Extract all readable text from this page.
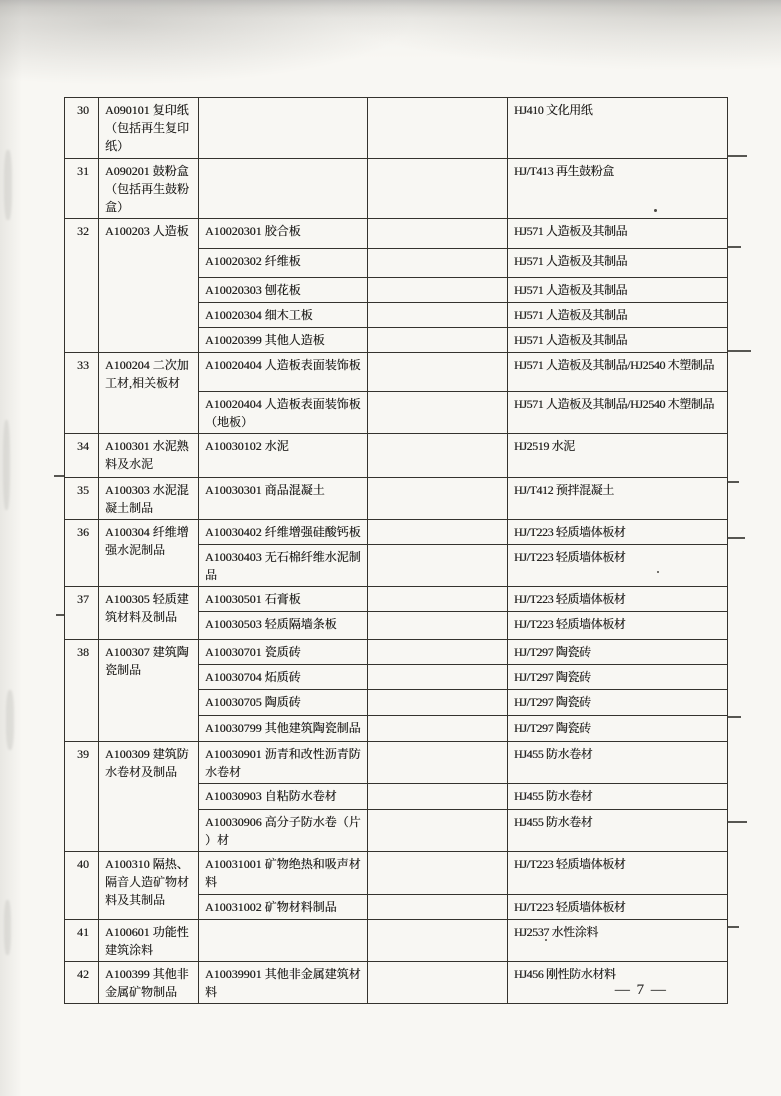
30	A090101 复印纸（包括再生复印纸）			HJ410 文化用纸
31	A090201 鼓粉盒（包括再生鼓粉盒）			HJ/T413 再生鼓粉盒
32	A100203 人造板	A10020301 胶合板		HJ571 人造板及其制品
		A10020302 纤维板		HJ571 人造板及其制品
		A10020303 刨花板		HJ571 人造板及其制品
		A10020304 细木工板		HJ571 人造板及其制品
		A10020399 其他人造板		HJ571 人造板及其制品
33	A100204 二次加工材,相关板材	A10020404 人造板表面装饰板		HJ571 人造板及其制品/HJ2540 木塑制品
		A10020404 人造板表面装饰板（地板）		HJ571 人造板及其制品/HJ2540 木塑制品
34	A100301 水泥熟料及水泥	A10030102 水泥		HJ2519 水泥
35	A100303 水泥混凝土制品	A10030301 商品混凝土		HJ/T412 预拌混凝土
36	A100304 纤维增强水泥制品	A10030402 纤维增强硅酸钙板		HJ/T223 轻质墙体板材
		A10030403 无石棉纤维水泥制品		HJ/T223 轻质墙体板材
37	A100305 轻质建筑材料及制品	A10030501 石膏板		HJ/T223 轻质墙体板材
		A10030503 轻质隔墙条板		HJ/T223 轻质墙体板材
38	A100307 建筑陶瓷制品	A10030701 瓷质砖		HJ/T297 陶瓷砖
		A10030704 炻质砖		HJ/T297 陶瓷砖
		A10030705 陶质砖		HJ/T297 陶瓷砖
		A10030799 其他建筑陶瓷制品		HJ/T297 陶瓷砖
39	A100309 建筑防水卷材及制品	A10030901 沥青和改性沥青防水卷材		HJ455 防水卷材
		A10030903 自粘防水卷材		HJ455 防水卷材
		A10030906 高分子防水卷（片）材		HJ455 防水卷材
40	A100310 隔热、隔音人造矿物材料及其制品	A10031001 矿物绝热和吸声材料		HJ/T223 轻质墙体板材
		A10031002 矿物材料制品		HJ/T223 轻质墙体板材
41	A100601 功能性建筑涂料			HJ2537 水性涂料
42	A100399 其他非金属矿物制品	A10039901 其他非金属建筑材料		HJ456 刚性防水材料
— 7 —
